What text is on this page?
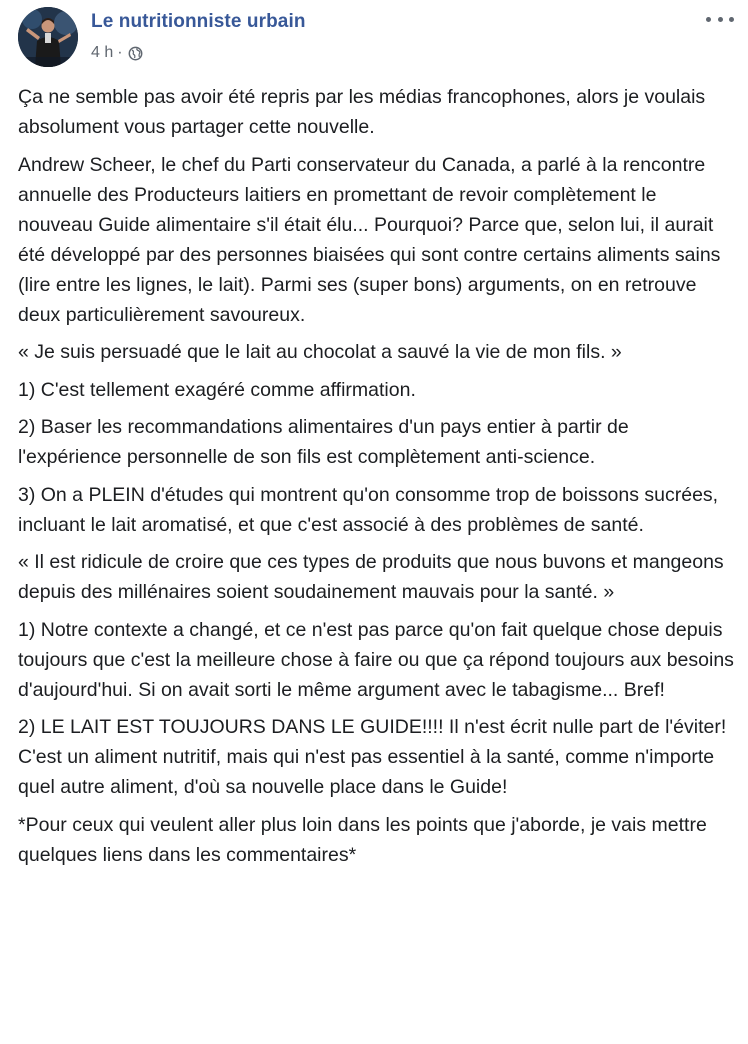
Le nutritionniste urbain
4 h ·

Ça ne semble pas avoir été repris par les médias francophones, alors je voulais absolument vous partager cette nouvelle.

Andrew Scheer, le chef du Parti conservateur du Canada, a parlé à la rencontre annuelle des Producteurs laitiers en promettant de revoir complètement le nouveau Guide alimentaire s'il était élu... Pourquoi? Parce que, selon lui, il aurait été développé par des personnes biaisées qui sont contre certains aliments sains (lire entre les lignes, le lait). Parmi ses (super bons) arguments, on en retrouve deux particulièrement savoureux.

« Je suis persuadé que le lait au chocolat a sauvé la vie de mon fils. »

1) C'est tellement exagéré comme affirmation.

2) Baser les recommandations alimentaires d'un pays entier à partir de l'expérience personnelle de son fils est complètement anti-science.

3) On a PLEIN d'études qui montrent qu'on consomme trop de boissons sucrées, incluant le lait aromatisé, et que c'est associé à des problèmes de santé.

« Il est ridicule de croire que ces types de produits que nous buvons et mangeons depuis des millénaires soient soudainement mauvais pour la santé. »

1) Notre contexte a changé, et ce n'est pas parce qu'on fait quelque chose depuis toujours que c'est la meilleure chose à faire ou que ça répond toujours aux besoins d'aujourd'hui. Si on avait sorti le même argument avec le tabagisme... Bref!

2) LE LAIT EST TOUJOURS DANS LE GUIDE!!!! Il n'est écrit nulle part de l'éviter! C'est un aliment nutritif, mais qui n'est pas essentiel à la santé, comme n'importe quel autre aliment, d'où sa nouvelle place dans le Guide!

*Pour ceux qui veulent aller plus loin dans les points que j'aborde, je vais mettre quelques liens dans les commentaires*
